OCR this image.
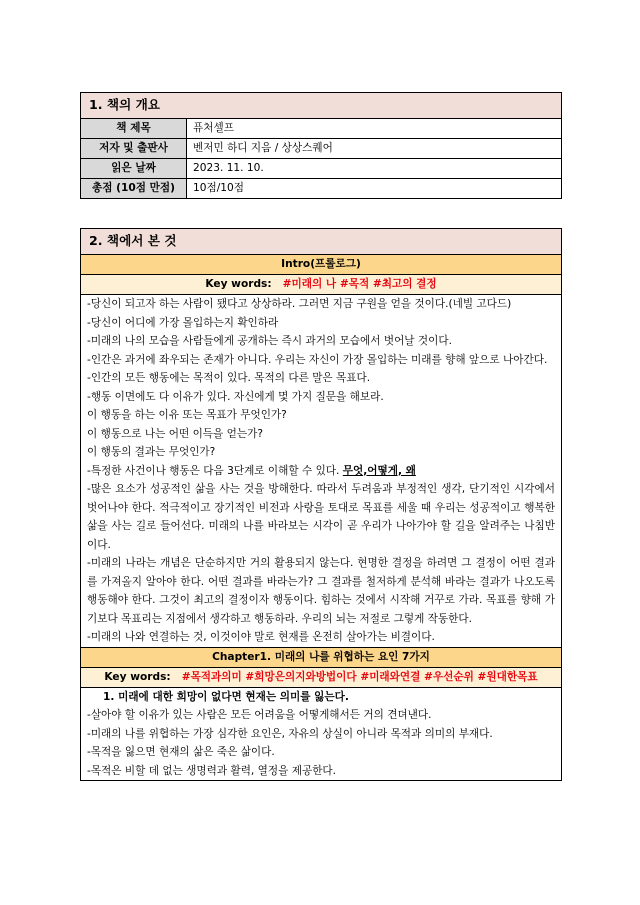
1. 책의 개요	
책 제목	퓨처셀프
저자 및 출판사	벤저민 하디 지음 / 상상스퀘어
읽은 날짜	2023. 11. 10.
총점 (10점 만점)	10점/10점
2. 책에서 본 것
Intro(프롤로그)
Key words: #미래의 나 #목적 #최고의 결정

-당신이 되고자 하는 사람이 됐다고 상상하라. 그러면 지금 구원을 얻을 것이다.(네빌 고다드)

-당신이 어디에 가장 몰입하는지 확인하라

-미래의 나의 모습을 사람들에게 공개하는 즉시 과거의 모습에서 벗어날 것이다.

-인간은 과거에 좌우되는 존재가 아니다. 우리는 자신이 가장 몰입하는 미래를 향해 앞으로 나아간다.

-인간의 모든 행동에는 목적이 있다. 목적의 다른 말은 목표다.

-행동 이면에도 다 이유가 있다. 자신에게 몇 가지 질문을 해보라.

이 행동을 하는 이유 또는 목표가 무엇인가?

이 행동으로 나는 어떤 이득을 얻는가?

이 행동의 결과는 무엇인가?

-특정한 사건이나 행동은 다음 3단계로 이해할 수 있다. 무엇,어떻게, 왜

-많은 요소가 성공적인 삶을 사는 것을 방해한다. 따라서 두려움과 부정적인 생각, 단기적인 시각에서 벗어나야 한다. 적극적이고 장기적인 비전과 사랑을 토대로 목표를 세울 때 우리는 성공적이고 행복한 삶을 사는 길로 들어선다. 미래의 나를 바라보는 시각이 곧 우리가 나아가야 할 길을 알려주는 나침반이다.

-미래의 나라는 개념은 단순하지만 거의 활용되지 않는다. 현명한 결정을 하려면 그 결정이 어떤 결과를 가져올지 알아야 한다. 어떤 결과를 바라는가? 그 결과를 철저하게 분석해 바라는 결과가 나오도록 행동해야 한다. 그것이 최고의 결정이자 행동이다. 힘하는 것에서 시작해 거꾸로 가라. 목표를 향해 가기보다 목표리는 지점에서 생각하고 행동하라. 우리의 뇌는 저절로 그렇게 작동한다.

-미래의 나와 연결하는 것, 이것이야 말로 현재를 온전히 살아가는 비결이다.

Chapter1. 미래의 나를 위협하는 요인 7가지
Key words: #목적과의미 #희망은의지와방법이다 #미래와연결 #우선순위 #원대한목표

1. 미래에 대한 희망이 없다면 현재는 의미를 잃는다.

-살아야 할 이유가 있는 사람은 모든 어려움을 어떻게해서든 거의 견뎌낸다.

-미래의 나를 위협하는 가장 심각한 요인은, 자유의 상실이 아니라 목적과 의미의 부재다.

-목적을 잃으면 현재의 삶은 죽은 삶이다.

-목적은 비할 데 없는 생명력과 활력, 열정을 제공한다.
